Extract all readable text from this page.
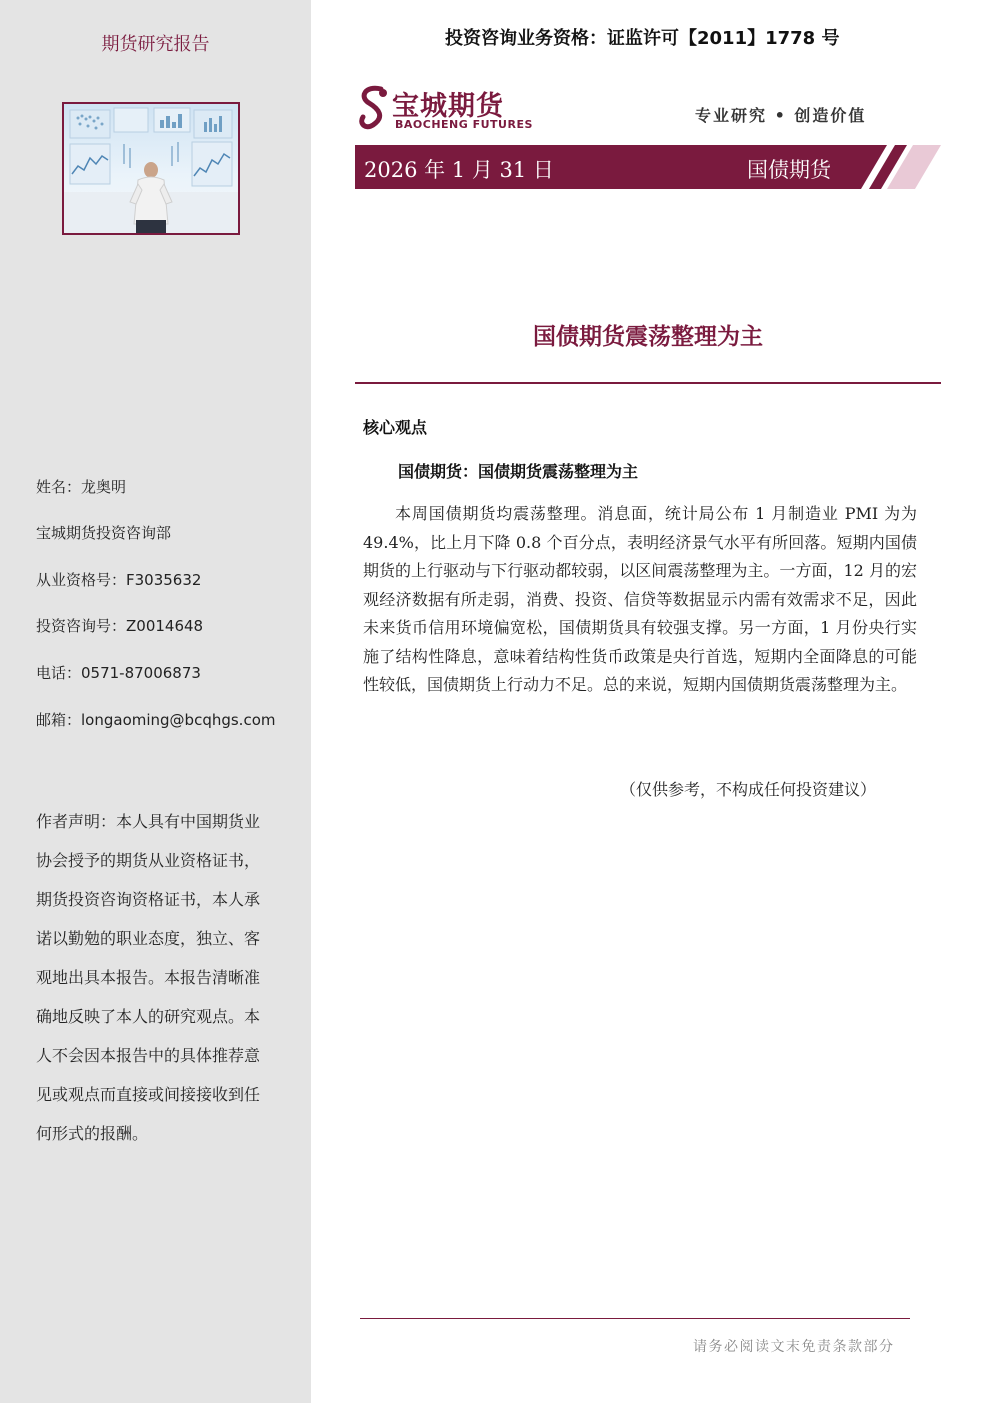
期货研究报告
姓名：龙奥明
宝城期货投资咨询部
从业资格号：F3035632
投资咨询号：Z0014648
电话：0571-87006873
邮箱：longaoming@bcqhgs.com
作者声明：本人具有中国期货业协会授予的期货从业资格证书，期货投资咨询资格证书，本人承诺以勤勉的职业态度，独立、客观地出具本报告。本报告清晰准确地反映了本人的研究观点。本人不会因本报告中的具体推荐意见或观点而直接或间接接收到任何形式的报酬。
投资咨询业务资格：证监许可【2011】1778 号
宝城期货
BAOCHENG FUTURES	专业研究 • 创造价值
2026 年 1 月 31 日	国债期货
国债期货震荡整理为主
核心观点
国债期货：国债期货震荡整理为主
本周国债期货均震荡整理。消息面，统计局公布 1 月制造业 PMI 为为 49.4%，比上月下降 0.8 个百分点，表明经济景气水平有所回落。短期内国债期货的上行驱动与下行驱动都较弱，以区间震荡整理为主。一方面，12 月的宏观经济数据有所走弱，消费、投资、信贷等数据显示内需有效需求不足，因此未来货币信用环境偏宽松，国债期货具有较强支撑。另一方面，1 月份央行实施了结构性降息，意味着结构性货币政策是央行首选，短期内全面降息的可能性较低，国债期货上行动力不足。总的来说，短期内国债期货震荡整理为主。
（仅供参考，不构成任何投资建议）
请务必阅读文末免责条款部分
